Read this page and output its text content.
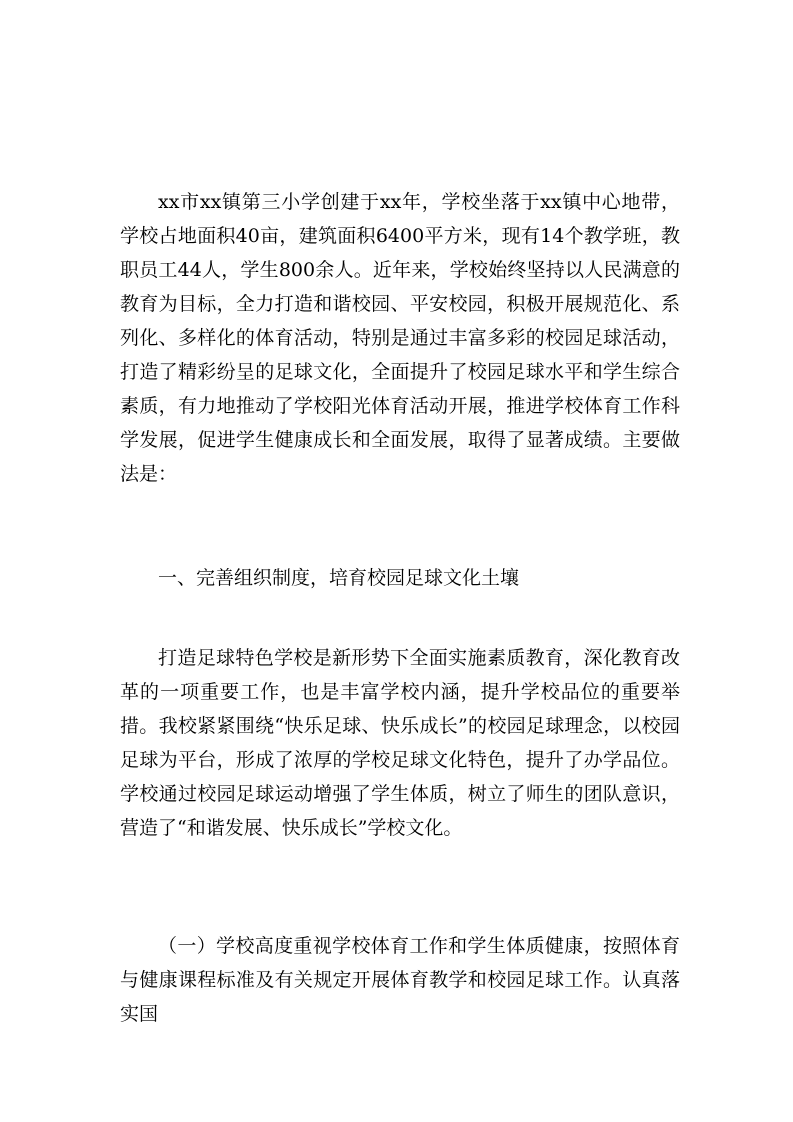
xx市xx镇第三小学创建于xx年，学校坐落于xx镇中心地带，学校占地面积40亩，建筑面积6400平方米，现有14个教学班，教职员工44人，学生800余人。近年来，学校始终坚持以人民满意的教育为目标，全力打造和谐校园、平安校园，积极开展规范化、系列化、多样化的体育活动，特别是通过丰富多彩的校园足球活动，打造了精彩纷呈的足球文化，全面提升了校园足球水平和学生综合素质，有力地推动了学校阳光体育活动开展，推进学校体育工作科学发展，促进学生健康成长和全面发展，取得了显著成绩。主要做法是：

一、完善组织制度，培育校园足球文化土壤

打造足球特色学校是新形势下全面实施素质教育，深化教育改革的一项重要工作，也是丰富学校内涵，提升学校品位的重要举措。我校紧紧围绕“快乐足球、快乐成长”的校园足球理念，以校园足球为平台，形成了浓厚的学校足球文化特色，提升了办学品位。学校通过校园足球运动增强了学生体质，树立了师生的团队意识，营造了“和谐发展、快乐成长”学校文化。

（一）学校高度重视学校体育工作和学生体质健康，按照体育与健康课程标准及有关规定开展体育教学和校园足球工作。认真落实国
